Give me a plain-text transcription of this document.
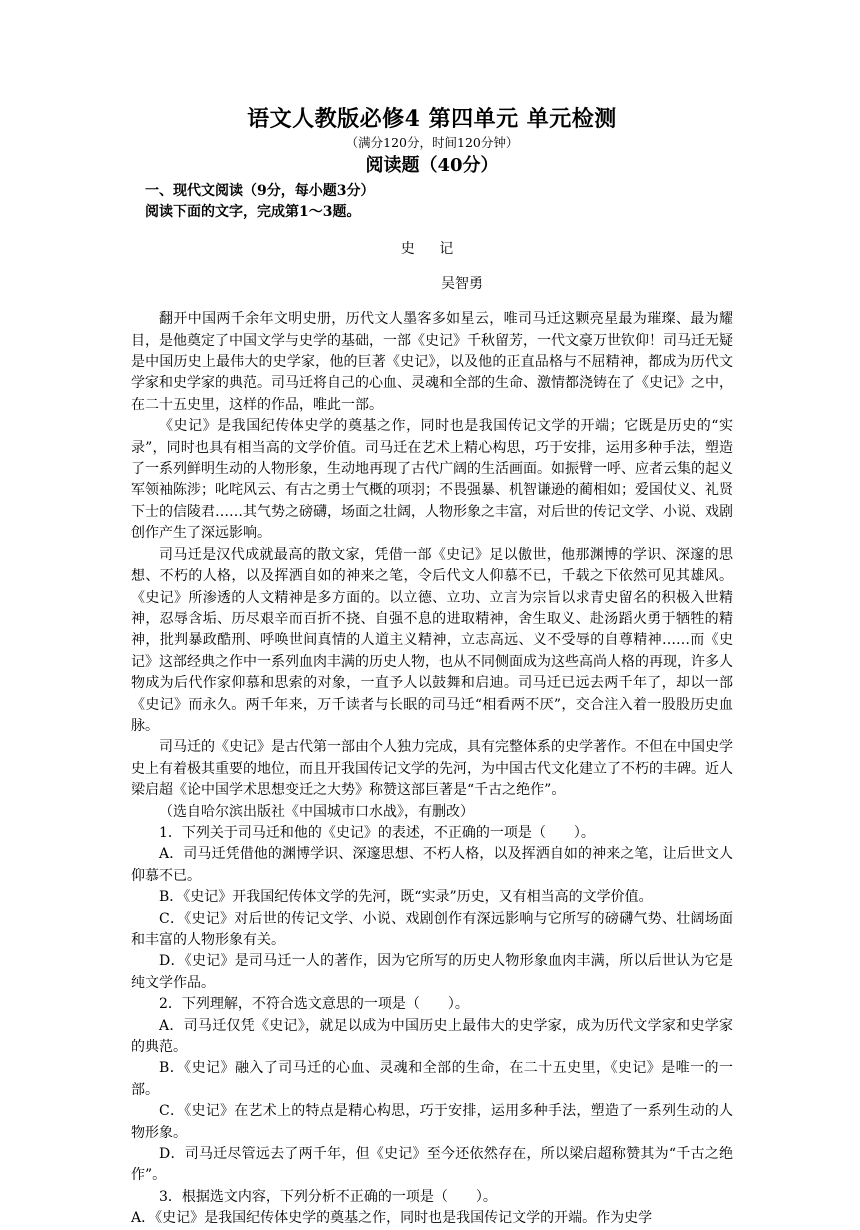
语文人教版必修4 第四单元 单元检测

（满分120分，时间120分钟）

阅读题（40分）

一、现代文阅读（9分，每小题3分）

阅读下面的文字，完成第1～3题。

史 记

吴智勇

翻开中国两千余年文明史册，历代文人墨客多如星云，唯司马迁这颗亮星最为璀璨、最为耀目，是他奠定了中国文学与史学的基础，一部《史记》千秋留芳，一代文豪万世钦仰！司马迁无疑是中国历史上最伟大的史学家，他的巨著《史记》，以及他的正直品格与不屈精神，都成为历代文学家和史学家的典范。司马迁将自己的心血、灵魂和全部的生命、激情都浇铸在了《史记》之中，在二十五史里，这样的作品，唯此一部。

《史记》是我国纪传体史学的奠基之作，同时也是我国传记文学的开端；它既是历史的“实录”，同时也具有相当高的文学价值。司马迁在艺术上精心构思，巧于安排，运用多种手法，塑造了一系列鲜明生动的人物形象，生动地再现了古代广阔的生活画面。如振臂一呼、应者云集的起义军领袖陈涉；叱咤风云、有古之勇士气概的项羽；不畏强暴、机智谦逊的蔺相如；爱国仗义、礼贤下士的信陵君……其气势之磅礴，场面之壮阔，人物形象之丰富，对后世的传记文学、小说、戏剧创作产生了深远影响。

司马迁是汉代成就最高的散文家，凭借一部《史记》足以傲世，他那渊博的学识、深邃的思想、不朽的人格，以及挥洒自如的神来之笔，令后代文人仰慕不已，千载之下依然可见其雄风。《史记》所渗透的人文精神是多方面的。以立德、立功、立言为宗旨以求青史留名的积极入世精神，忍辱含垢、历尽艰辛而百折不挠、自强不息的进取精神，舍生取义、赴汤蹈火勇于牺牲的精神，批判暴政酷刑、呼唤世间真情的人道主义精神，立志高远、义不受辱的自尊精神……而《史记》这部经典之作中一系列血肉丰满的历史人物，也从不同侧面成为这些高尚人格的再现，许多人物成为后代作家仰慕和思索的对象，一直予人以鼓舞和启迪。司马迁已远去两千年了，却以一部《史记》而永久。两千年来，万千读者与长眠的司马迁“相看两不厌”，交合注入着一股股历史血脉。

司马迁的《史记》是古代第一部由个人独力完成，具有完整体系的史学著作。不但在中国史学史上有着极其重要的地位，而且开我国传记文学的先河，为中国古代文化建立了不朽的丰碑。近人梁启超《论中国学术思想变迁之大势》称赞这部巨著是“千古之绝作”。

（选自哈尔滨出版社《中国城市口水战》，有删改）

1．下列关于司马迁和他的《史记》的表述，不正确的一项是（　　）。

A．司马迁凭借他的渊博学识、深邃思想、不朽人格，以及挥洒自如的神来之笔，让后世文人仰慕不已。

B．《史记》开我国纪传体文学的先河，既“实录”历史，又有相当高的文学价值。

C．《史记》对后世的传记文学、小说、戏剧创作有深远影响与它所写的磅礴气势、壮阔场面和丰富的人物形象有关。

D．《史记》是司马迁一人的著作，因为它所写的历史人物形象血肉丰满，所以后世认为它是纯文学作品。

2．下列理解，不符合选文意思的一项是（　　）。

A．司马迁仅凭《史记》，就足以成为中国历史上最伟大的史学家，成为历代文学家和史学家的典范。

B．《史记》融入了司马迁的心血、灵魂和全部的生命，在二十五史里，《史记》是唯一的一部。

C．《史记》在艺术上的特点是精心构思，巧于安排，运用多种手法，塑造了一系列生动的人物形象。

D．司马迁尽管远去了两千年，但《史记》至今还依然存在，所以梁启超称赞其为“千古之绝作”。

3．根据选文内容，下列分析不正确的一项是（　　）。

A．《史记》是我国纪传体史学的奠基之作，同时也是我国传记文学的开端。作为史学
